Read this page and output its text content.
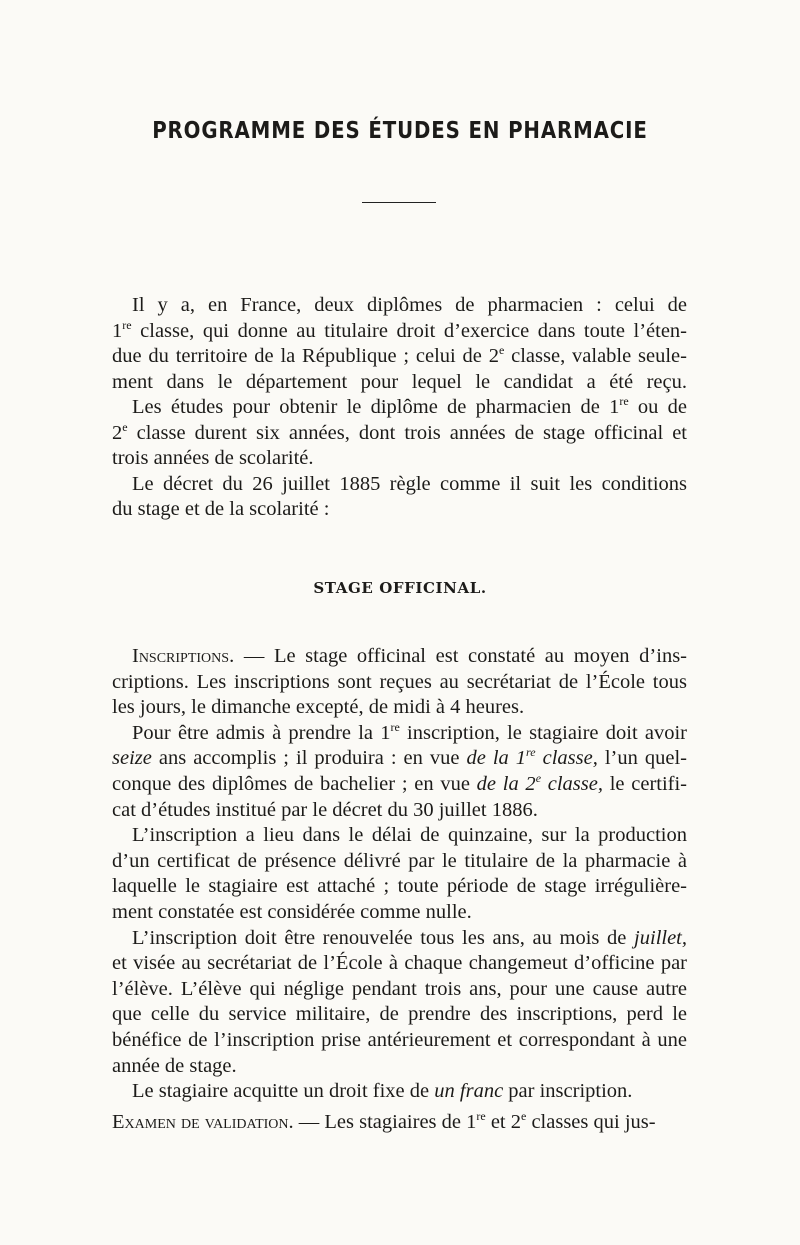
PROGRAMME DES ÉTUDES EN PHARMACIE

Il y a, en France, deux diplômes de pharmacien : celui de
1re classe, qui donne au titulaire droit d’exercice dans toute l’éten-
due du territoire de la République ; celui de 2e classe, valable seule-
ment dans le département pour lequel le candidat a été reçu.

Les études pour obtenir le diplôme de pharmacien de 1re ou de
2e classe durent six années, dont trois années de stage officinal et

trois années de scolarité.

Le décret du 26 juillet 1885 règle comme il suit les conditions

du stage et de la scolarité :

STAGE OFFICINAL.

Inscriptions. — Le stage officinal est constaté au moyen d’ins-

criptions. Les inscriptions sont reçues au secrétariat de l’École tous

les jours, le dimanche excepté, de midi à 4 heures.

Pour être admis à prendre la 1re inscription, le stagiaire doit avoir

seize ans accomplis ; il produira : en vue de la 1re classe, l’un quel-

conque des diplômes de bachelier ; en vue de la 2e classe, le certifi-

cat d’études institué par le décret du 30 juillet 1886.

L’inscription a lieu dans le délai de quinzaine, sur la production

d’un certificat de présence délivré par le titulaire de la pharmacie à

laquelle le stagiaire est attaché ; toute période de stage irrégulière-

ment constatée est considérée comme nulle.

L’inscription doit être renouvelée tous les ans, au mois de juillet,

et visée au secrétariat de l’École à chaque changemeut d’officine par

l’élève. L’élève qui néglige pendant trois ans, pour une cause autre

que celle du service militaire, de prendre des inscriptions, perd le

bénéfice de l’inscription prise antérieurement et correspondant à une

année de stage.

Le stagiaire acquitte un droit fixe de un franc par inscription.

Examen de validation. — Les stagiaires de 1re et 2e classes qui jus-
